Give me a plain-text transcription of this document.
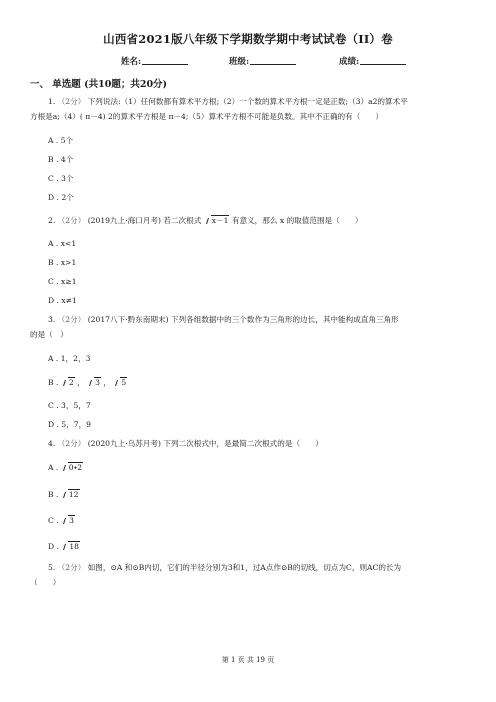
山西省2021版八年级下学期数学期中考试试卷（II）卷
姓名:	班级:	成绩:
一、 单选题 (共10题；共20分)
1. （2分） 下列说法:（1）任何数都有算术平方根;（2）一个数的算术平方根一定是正数;（3）a2的算术平
方根是a;（4）( π－4) 2的算术平方根是 π－4;（5）算术平方根不可能是负数。其中不正确的有（　　）
A . 5个
B . 4个
C . 3个
D . 2个
2. （2分） (2019九上·海口月考) 若二次根式 x－1 有意义，那么 x 的取值范围是（　　）
A . x<1
B . x>1
C . x≥1
D . x≠1
3. （2分） (2017八下·黔东南期末) 下列各组数据中的三个数作为三角形的边长，其中能构成直角三角形
的是（　）
A . 1，2，3
B . 2 ， 3 ， 5
C . 3，5，7
D . 5，7，9
4. （2分） (2020九上·乌苏月考) 下列二次根式中，是最简二次根式的是（　　）
A . 0∙2
B . 12
C . 3
D . 18
5. （2分） 如图，⊙A 和⊙B内切，它们的半径分别为3和1，过A点作⊙B的切线，切点为C，则AC的长为
（　　）
第 1 页 共 19 页
